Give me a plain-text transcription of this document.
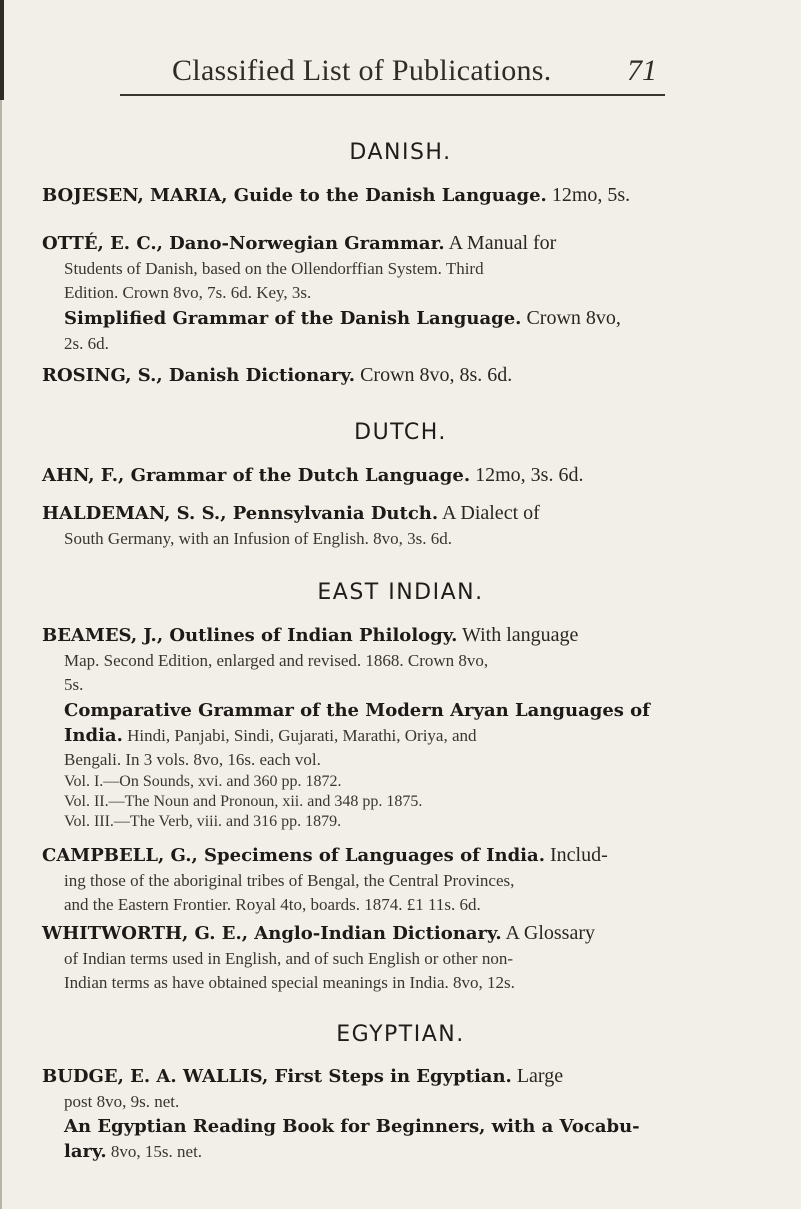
Classified List of Publications.	71
DANISH.
BOJESEN, MARIA, Guide to the Danish Language. 12mo, 5s.
OTTÉ, E. C., Dano-Norwegian Grammar. A Manual for
Students of Danish, based on the Ollendorffian System. Third
Edition. Crown 8vo, 7s. 6d. Key, 3s.
Simplified Grammar of the Danish Language. Crown 8vo,
2s. 6d.
ROSING, S., Danish Dictionary. Crown 8vo, 8s. 6d.
DUTCH.
AHN, F., Grammar of the Dutch Language. 12mo, 3s. 6d.
HALDEMAN, S. S., Pennsylvania Dutch. A Dialect of
South Germany, with an Infusion of English. 8vo, 3s. 6d.
EAST INDIAN.
BEAMES, J., Outlines of Indian Philology. With language
Map. Second Edition, enlarged and revised. 1868. Crown 8vo,
5s.
Comparative Grammar of the Modern Aryan Languages of
India. Hindi, Panjabi, Sindi, Gujarati, Marathi, Oriya, and
Bengali. In 3 vols. 8vo, 16s. each vol.
Vol. I.—On Sounds, xvi. and 360 pp. 1872.
Vol. II.—The Noun and Pronoun, xii. and 348 pp. 1875.
Vol. III.—The Verb, viii. and 316 pp. 1879.
CAMPBELL, G., Specimens of Languages of India. Includ-
ing those of the aboriginal tribes of Bengal, the Central Provinces,
and the Eastern Frontier. Royal 4to, boards. 1874. £1 11s. 6d.
WHITWORTH, G. E., Anglo-Indian Dictionary. A Glossary
of Indian terms used in English, and of such English or other non-
Indian terms as have obtained special meanings in India. 8vo, 12s.
EGYPTIAN.
BUDGE, E. A. WALLIS, First Steps in Egyptian. Large
post 8vo, 9s. net.
An Egyptian Reading Book for Beginners, with a Vocabu-
lary. 8vo, 15s. net.
